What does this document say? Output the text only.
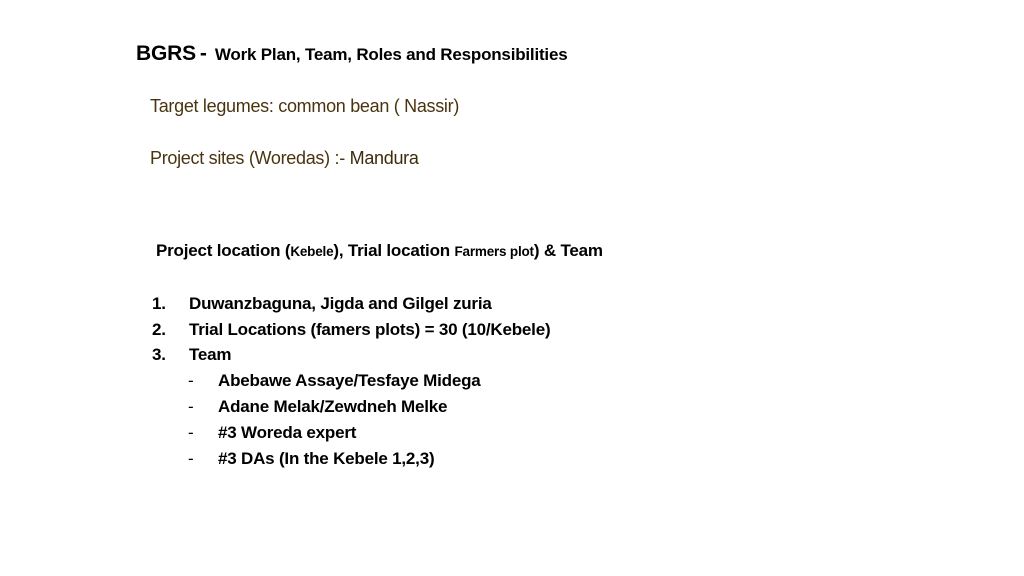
BGRS - Work Plan, Team, Roles and Responsibilities
Target legumes: common bean ( Nassir)
Project sites (Woredas) :- Mandura
Project location (Kebele), Trial location Farmers plot) & Team
1.	Duwanzbaguna, Jigda and Gilgel zuria
2.	Trial Locations (famers plots) = 30 (10/Kebele)
3.	Team
-	Abebawe Assaye/Tesfaye Midega
-	Adane Melak/Zewdneh Melke
-	#3 Woreda expert
-	#3 DAs (In the Kebele 1,2,3)
